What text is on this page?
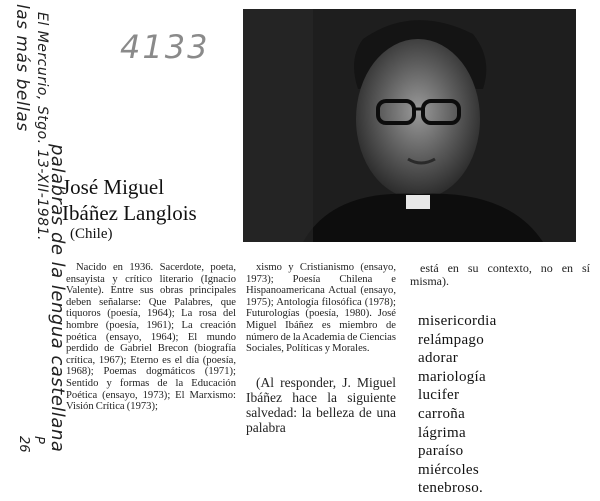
las más bellas El Mercurio, Stgo. 13-XII-1981.
palabras de la lengua castellana
P 26
4133
José Miguel
Ibáñez Langlois
(Chile)

Nacido en 1936. Sacerdote, poeta, ensayista y crítico literario (Ignacio Valente). Entre sus obras principales deben señalarse: Que Palabres, que tiquoros (poesía, 1964); La rosa del hombre (poesía, 1961); La creación poética (ensayo, 1964); El mundo perdido de Gabriel Brecon (biografía crítica, 1967); Eterno es el día (poesía, 1968); Poemas dogmáticos (1971); Sentido y formas de la Educación Poética (ensayo, 1973); El Marxismo: Visión Crítica (1973);

xismo y Cristianismo (ensayo, 1973); Poesía Chilena e Hispanoamericana Actual (ensayo, 1975); Antología filosófica (1978); Futurologías (poesía, 1980). José Miguel Ibáñez es miembro de número de la Academia de Ciencias Sociales, Políticas y Morales.

(Al responder, J. Miguel Ibáñez hace la siguiente salvedad: la belleza de una palabra

está en su contexto, no en sí misma).

misericordia
relámpago
adorar
mariología
lucifer
carroña
lágrima
paraíso
miércoles
tenebroso.
